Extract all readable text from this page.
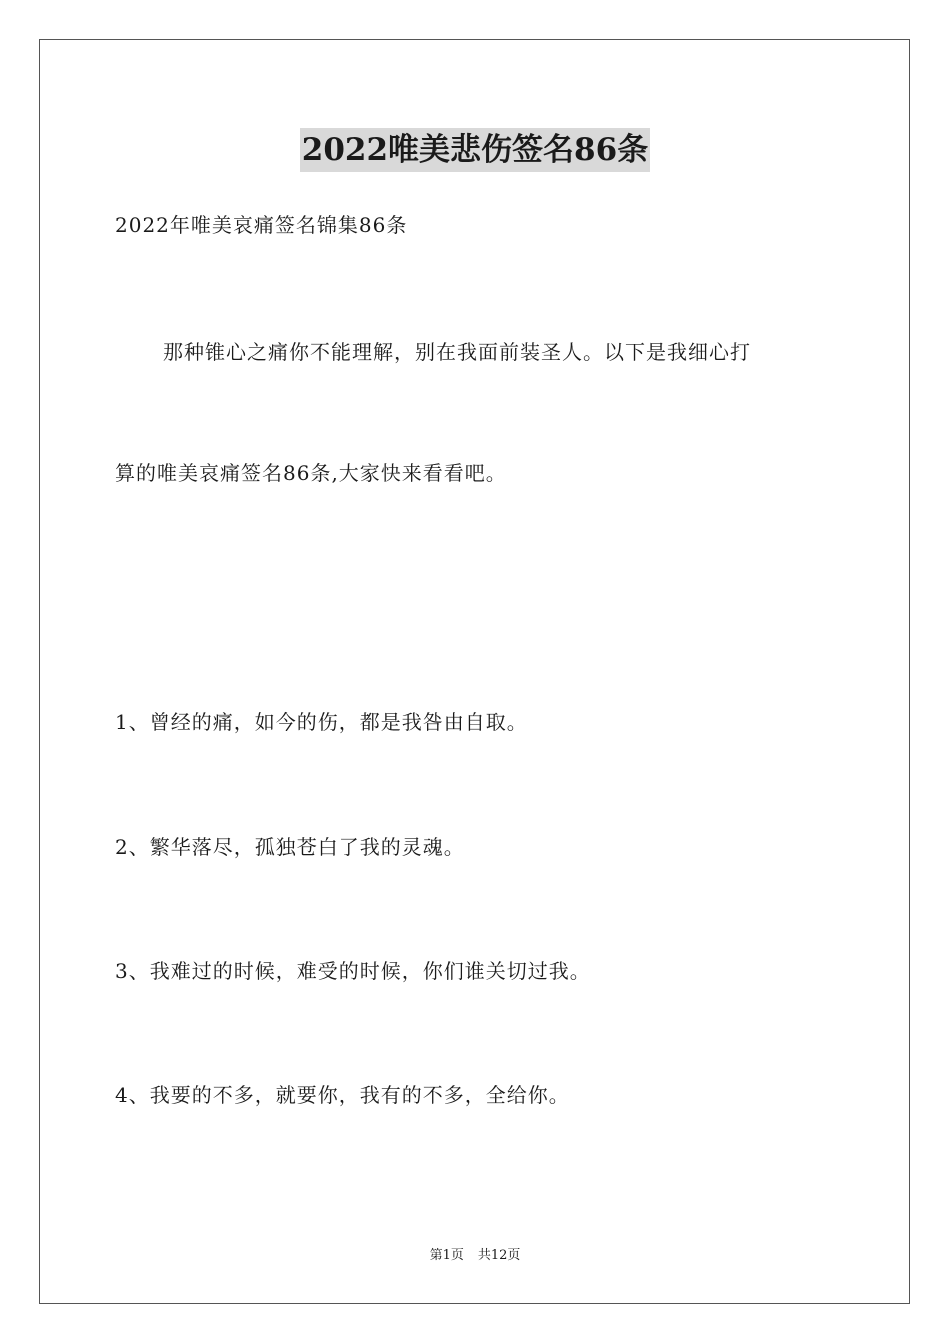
2022唯美悲伤签名86条
2022年唯美哀痛签名锦集86条
那种锥心之痛你不能理解，别在我面前装圣人。以下是我细心打
算的唯美哀痛签名86条,大家快来看看吧。
1、曾经的痛，如今的伤，都是我咎由自取。
2、繁华落尽，孤独苍白了我的灵魂。
3、我难过的时候，难受的时候，你们谁关切过我。
4、我要的不多，就要你，我有的不多，全给你。
第1页 共12页
